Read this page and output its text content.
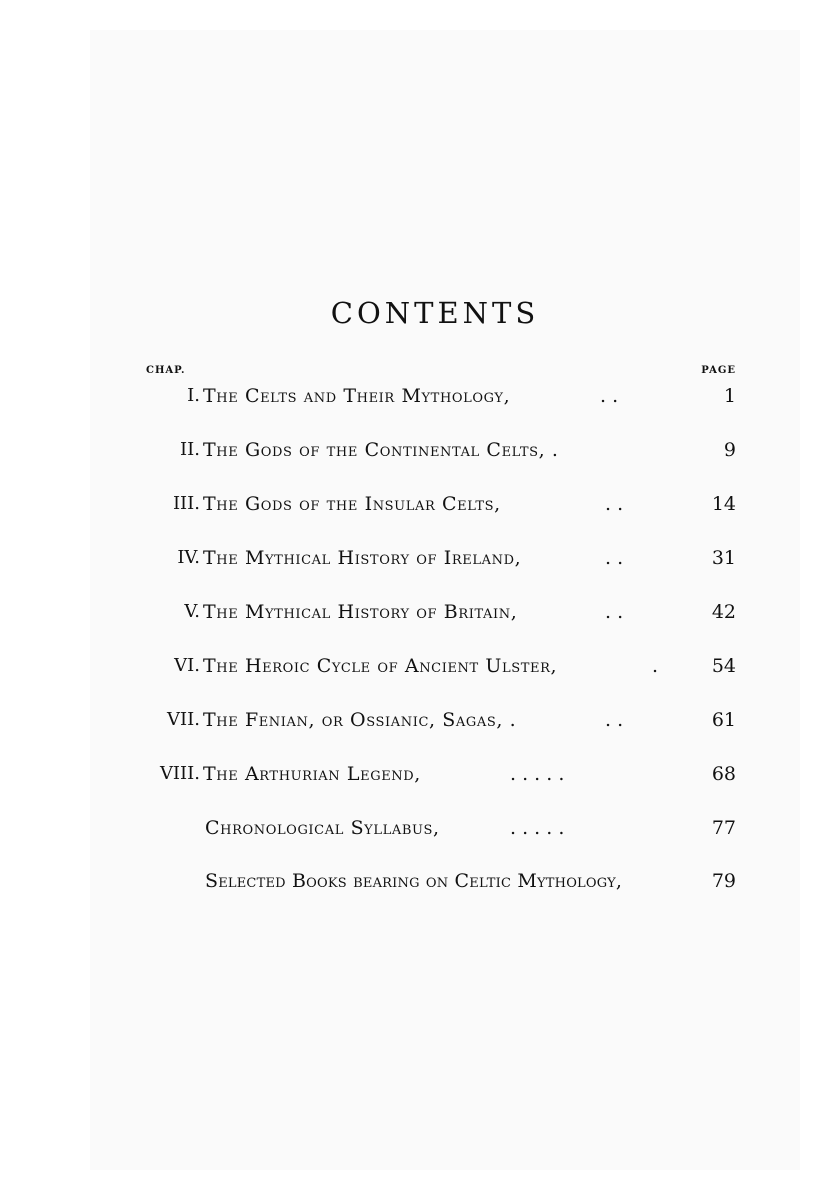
CONTENTS
CHAP.	PAGE
I. The Celts and Their Mythology,	. .	1
II. The Gods of the Continental Celts, .	9
III. The Gods of the Insular Celts,	. .	14
IV. The Mythical History of Ireland,	. .	31
V. The Mythical History of Britain,	. .	42
VI. The Heroic Cycle of Ancient Ulster,	.	54
VII. The Fenian, or Ossianic, Sagas, .	. .	61
VIII. The Arthurian Legend,	. . . . .	68
Chronological Syllabus,	. . . . .	77
Selected Books bearing on Celtic Mythology,	79
